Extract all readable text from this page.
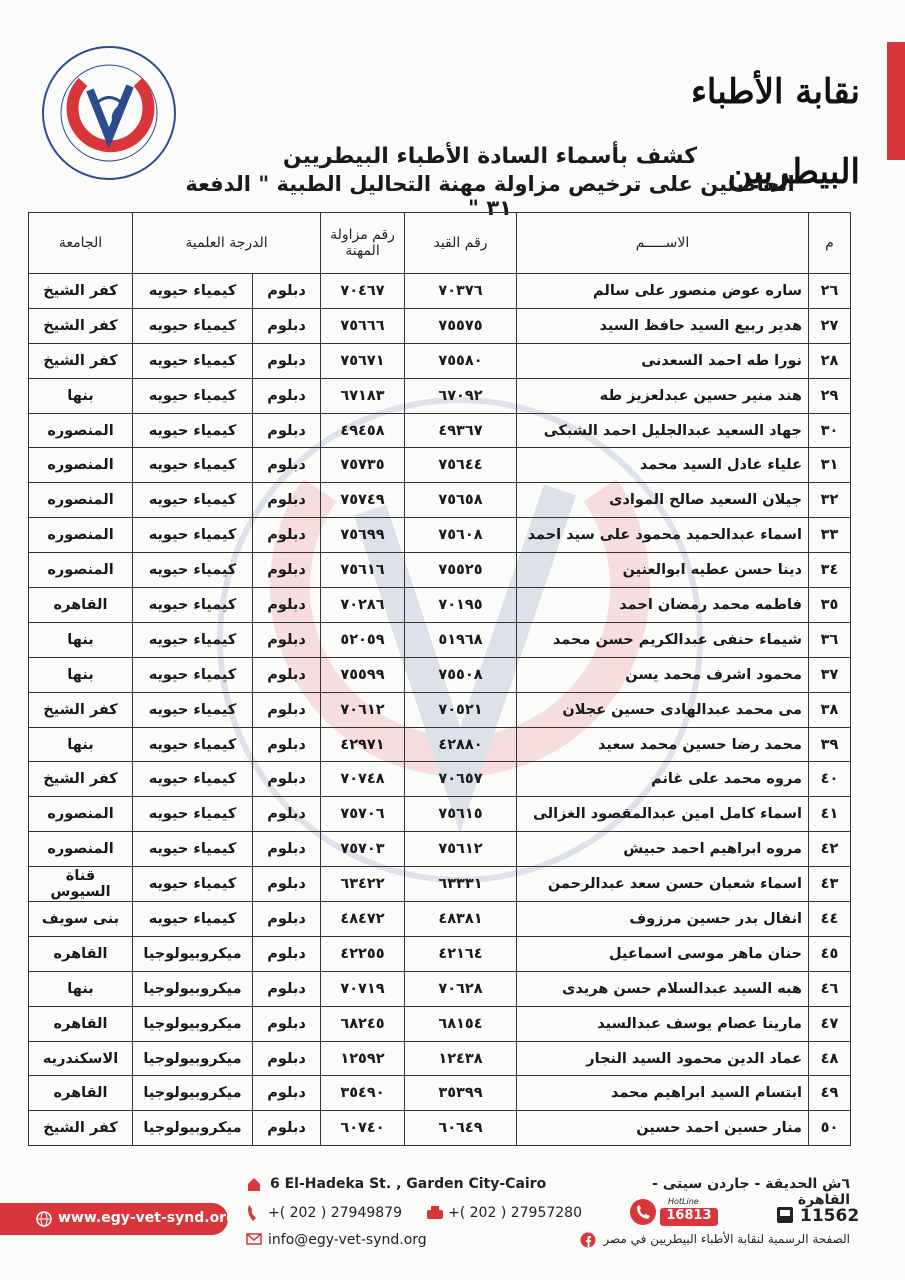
نقابة الأطباء البيطريين
كشف بأسماء السادة الأطباء البيطريين
الحاصلين على ترخيص مزاولة مهنة التحاليل الطبية " الدفعة ٣١ "
م	الاســـــم	رقم القيد	رقم مزاولة المهنة	الدرجة العلمية		الجامعة
٢٦	ساره عوض منصور على سالم	٧٠٣٧٦	٧٠٤٦٧	دبلوم	كيمياء حيويه	كفر الشيخ
٢٧	هدير ربيع السيد حافظ السيد	٧٥٥٧٥	٧٥٦٦٦	دبلوم	كيمياء حيويه	كفر الشيخ
٢٨	نورا طه احمد السعدنى	٧٥٥٨٠	٧٥٦٧١	دبلوم	كيمياء حيويه	كفر الشيخ
٢٩	هند منير حسين عبدلعزيز طه	٦٧٠٩٢	٦٧١٨٣	دبلوم	كيمياء حيويه	بنها
٣٠	جهاد السعيد عبدالجليل احمد الشبكى	٤٩٣٦٧	٤٩٤٥٨	دبلوم	كيمياء حيويه	المنصوره
٣١	علياء عادل السيد محمد	٧٥٦٤٤	٧٥٧٣٥	دبلوم	كيمياء حيويه	المنصوره
٣٢	جيلان السعيد صالح الموادى	٧٥٦٥٨	٧٥٧٤٩	دبلوم	كيمياء حيويه	المنصوره
٣٣	اسماء عبدالحميد محمود على سيد احمد	٧٥٦٠٨	٧٥٦٩٩	دبلوم	كيمياء حيويه	المنصوره
٣٤	دينا حسن عطيه ابوالعنين	٧٥٥٢٥	٧٥٦١٦	دبلوم	كيمياء حيويه	المنصوره
٣٥	فاطمه محمد رمضان احمد	٧٠١٩٥	٧٠٢٨٦	دبلوم	كيمياء حيويه	القاهره
٣٦	شيماء حنفى عبدالكريم حسن محمد	٥١٩٦٨	٥٢٠٥٩	دبلوم	كيمياء حيويه	بنها
٣٧	محمود اشرف محمد يسن	٧٥٥٠٨	٧٥٥٩٩	دبلوم	كيمياء حيويه	بنها
٣٨	مى محمد عبدالهادى حسين عجلان	٧٠٥٢١	٧٠٦١٢	دبلوم	كيمياء حيويه	كفر الشيخ
٣٩	محمد رضا حسين محمد سعيد	٤٢٨٨٠	٤٢٩٧١	دبلوم	كيمياء حيويه	بنها
٤٠	مروه محمد على غانم	٧٠٦٥٧	٧٠٧٤٨	دبلوم	كيمياء حيويه	كفر الشيخ
٤١	اسماء كامل امين عبدالمقصود الغزالى	٧٥٦١٥	٧٥٧٠٦	دبلوم	كيمياء حيويه	المنصوره
٤٢	مروه ابراهيم احمد حبيش	٧٥٦١٢	٧٥٧٠٣	دبلوم	كيمياء حيويه	المنصوره
٤٣	اسماء شعبان حسن سعد عبدالرحمن	٦٣٣٣١	٦٣٤٢٢	دبلوم	كيمياء حيويه	قناة السيوس
٤٤	انفال بدر حسين مرزوف	٤٨٣٨١	٤٨٤٧٢	دبلوم	كيمياء حيويه	بنى سويف
٤٥	حنان ماهر موسى اسماعيل	٤٢١٦٤	٤٢٢٥٥	دبلوم	ميكروبيولوجيا	القاهره
٤٦	هبه السيد عبدالسلام حسن هريدى	٧٠٦٢٨	٧٠٧١٩	دبلوم	ميكروبيولوجيا	بنها
٤٧	مارينا عصام يوسف عبدالسيد	٦٨١٥٤	٦٨٢٤٥	دبلوم	ميكروبيولوجيا	القاهره
٤٨	عماد الدين محمود السيد النجار	١٢٤٣٨	١٢٥٩٢	دبلوم	ميكروبيولوجيا	الاسكندريه
٤٩	ابتسام السيد ابراهيم محمد	٣٥٣٩٩	٣٥٤٩٠	دبلوم	ميكروبيولوجيا	القاهره
٥٠	منار حسين احمد حسين	٦٠٦٤٩	٦٠٧٤٠	دبلوم	ميكروبيولوجيا	كفر الشيخ
6 El-Hadeka St. , Garden City-Cairo	٦ش الحديقة - جاردن سيتى - القاهرة
www.egy-vet-synd.org +( 202 ) 27949879	+( 202 ) 27957280
info@egy-vet-synd.org
HotLine
16813	11562
الصفحة الرسمية لنقابة الأطباء البيطريين في مصر
